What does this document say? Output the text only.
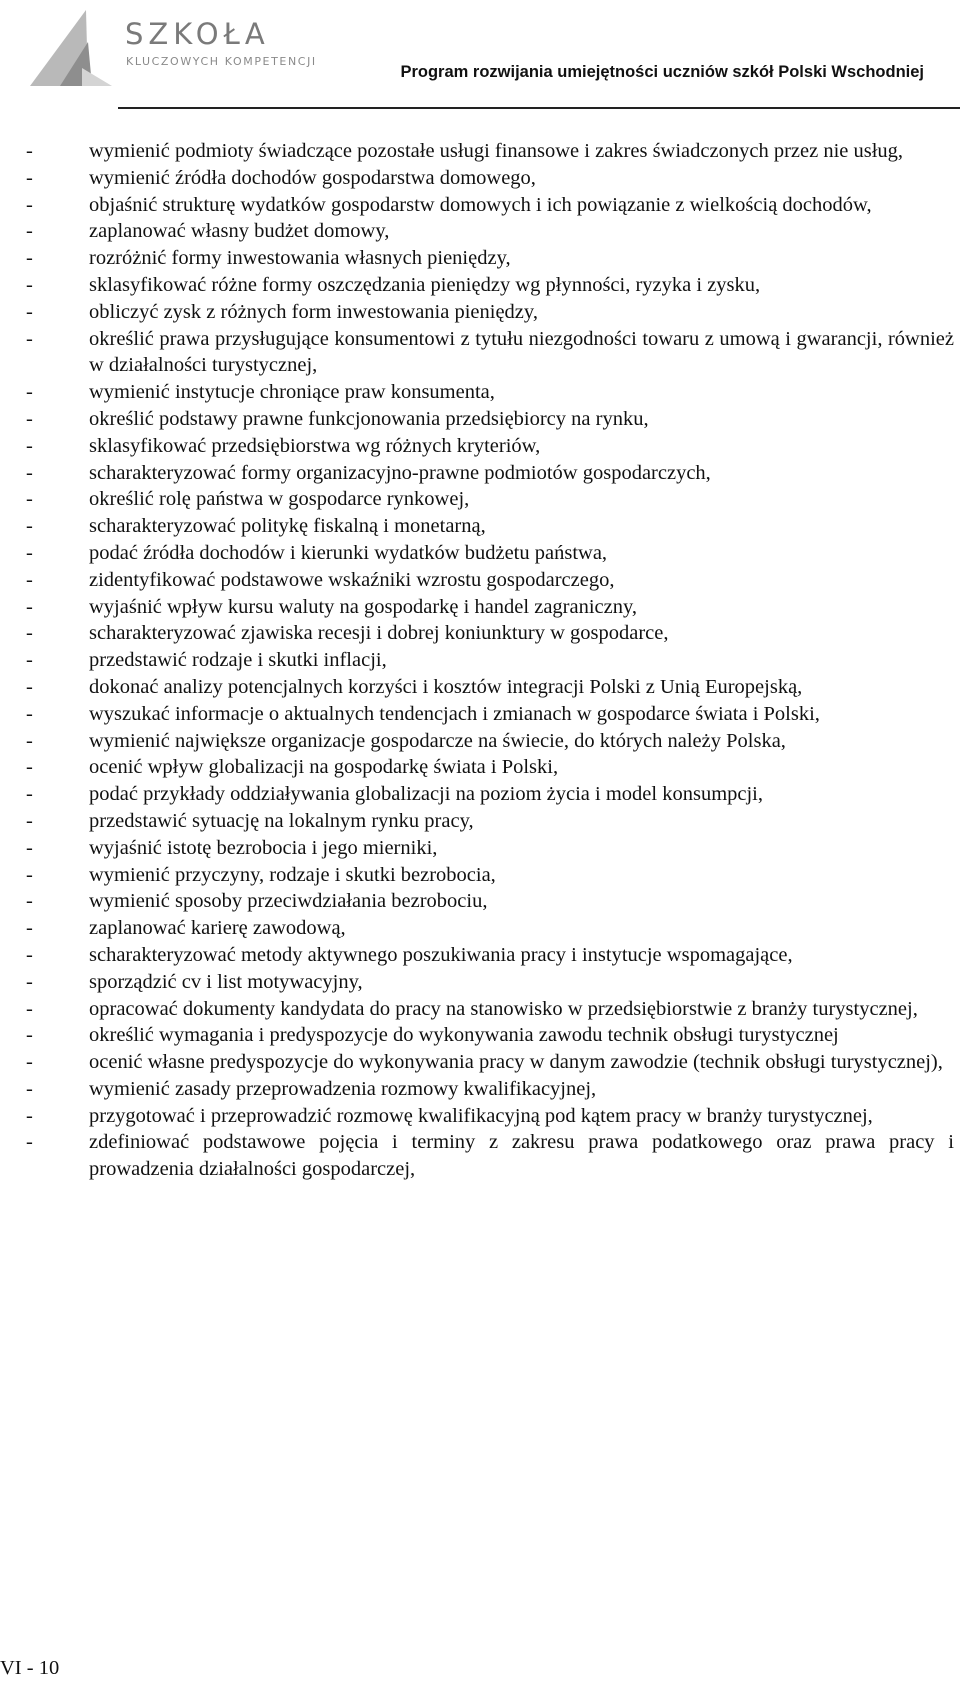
SZKOŁA
KLUCZOWYCH KOMPETENCJI
Program rozwijania umiejętności uczniów szkół Polski Wschodniej
-	wymienić podmioty świadczące pozostałe usługi finansowe i zakres świadczonych przez nie usług,
-	wymienić źródła dochodów gospodarstwa domowego,
-	objaśnić strukturę wydatków gospodarstw domowych i ich powiązanie z wielkością dochodów,
-	zaplanować własny budżet domowy,
-	rozróżnić formy inwestowania własnych pieniędzy,
-	sklasyfikować różne formy oszczędzania pieniędzy wg płynności, ryzyka i zysku,
-	obliczyć zysk z różnych form inwestowania pieniędzy,
-	określić prawa przysługujące konsumentowi z tytułu niezgodności towaru z umową i gwarancji, również w działalności turystycznej,
-	wymienić instytucje chroniące praw konsumenta,
-	określić podstawy prawne funkcjonowania przedsiębiorcy na rynku,
-	sklasyfikować przedsiębiorstwa wg różnych kryteriów,
-	scharakteryzować formy organizacyjno-prawne podmiotów gospodarczych,
-	określić rolę państwa w gospodarce rynkowej,
-	scharakteryzować politykę fiskalną i monetarną,
-	podać źródła dochodów i kierunki wydatków budżetu państwa,
-	zidentyfikować podstawowe wskaźniki wzrostu gospodarczego,
-	wyjaśnić wpływ kursu waluty na gospodarkę i handel zagraniczny,
-	scharakteryzować zjawiska recesji i dobrej koniunktury w gospodarce,
-	przedstawić rodzaje i skutki inflacji,
-	dokonać analizy potencjalnych korzyści i kosztów integracji Polski z Unią Europejską,
-	wyszukać informacje o aktualnych tendencjach i zmianach w gospodarce świata i Polski,
-	wymienić największe organizacje gospodarcze na świecie, do których należy Polska,
-	ocenić wpływ globalizacji na gospodarkę świata i Polski,
-	podać przykłady oddziaływania globalizacji na poziom życia i model konsumpcji,
-	przedstawić sytuację na lokalnym rynku pracy,
-	wyjaśnić istotę bezrobocia i jego mierniki,
-	wymienić przyczyny, rodzaje i skutki bezrobocia,
-	wymienić sposoby przeciwdziałania bezrobociu,
-	zaplanować karierę zawodową,
-	scharakteryzować metody aktywnego poszukiwania pracy i instytucje wspomagające,
-	sporządzić cv i list motywacyjny,
-	opracować dokumenty kandydata do pracy na stanowisko w przedsiębiorstwie z branży turystycznej,
-	określić wymagania i predyspozycje do wykonywania zawodu technik obsługi turystycznej
-	ocenić własne predyspozycje do wykonywania pracy w danym zawodzie (technik obsługi turystycznej),
-	wymienić zasady przeprowadzenia rozmowy kwalifikacyjnej,
-	przygotować i przeprowadzić rozmowę kwalifikacyjną pod kątem pracy w branży turystycznej,
-	zdefiniować podstawowe pojęcia i terminy z zakresu prawa podatkowego oraz prawa pracy i prowadzenia działalności gospodarczej,
VI - 10
